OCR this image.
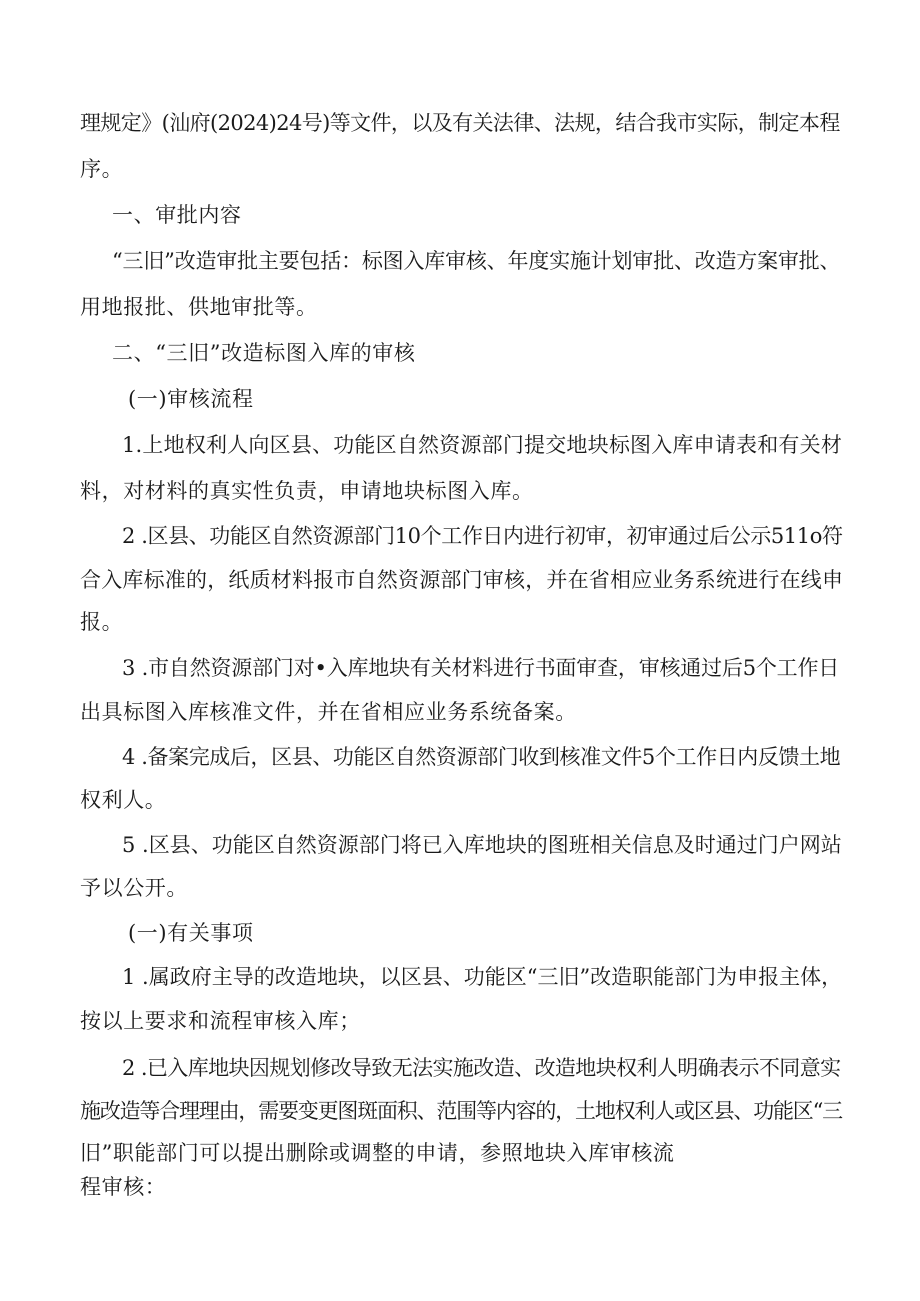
理规定》(汕府(2024)24号)等文件，以及有关法律、法规，结合我市实际，制定本程
序。
一、审批内容
“三旧”改造审批主要包括：标图入库审核、年度实施计划审批、改造方案审批、
用地报批、供地审批等。
二、“三旧”改造标图入库的审核
(一)审核流程
1.上地权利人向区县、功能区自然资源部门提交地块标图入库申请表和有关材
料，对材料的真实性负责，申请地块标图入库。
2 .区县、功能区自然资源部门10个工作日内进行初审，初审通过后公示511o符
合入库标准的，纸质材料报市自然资源部门审核，并在省相应业务系统进行在线申
报。
3 .市自然资源部门对•入库地块有关材料进行书面审查，审核通过后5个工作日
出具标图入库核准文件，并在省相应业务系统备案。
4 .备案完成后，区县、功能区自然资源部门收到核准文件5个工作日内反馈土地
权利人。
5 .区县、功能区自然资源部门将已入库地块的图班相关信息及时通过门户网站
予以公开。
(一)有关事项
1 .属政府主导的改造地块，以区县、功能区“三旧”改造职能部门为申报主体，
按以上要求和流程审核入库；
2 .已入库地块因规划修改导致无法实施改造、改造地块权利人明确表示不同意实
施改造等合理理由，需要变更图斑面积、范围等内容的，土地权利人或区县、功能区“三
旧”职能部门可以提出删除或调整的申请，参照地块入库审核流
程审核：
